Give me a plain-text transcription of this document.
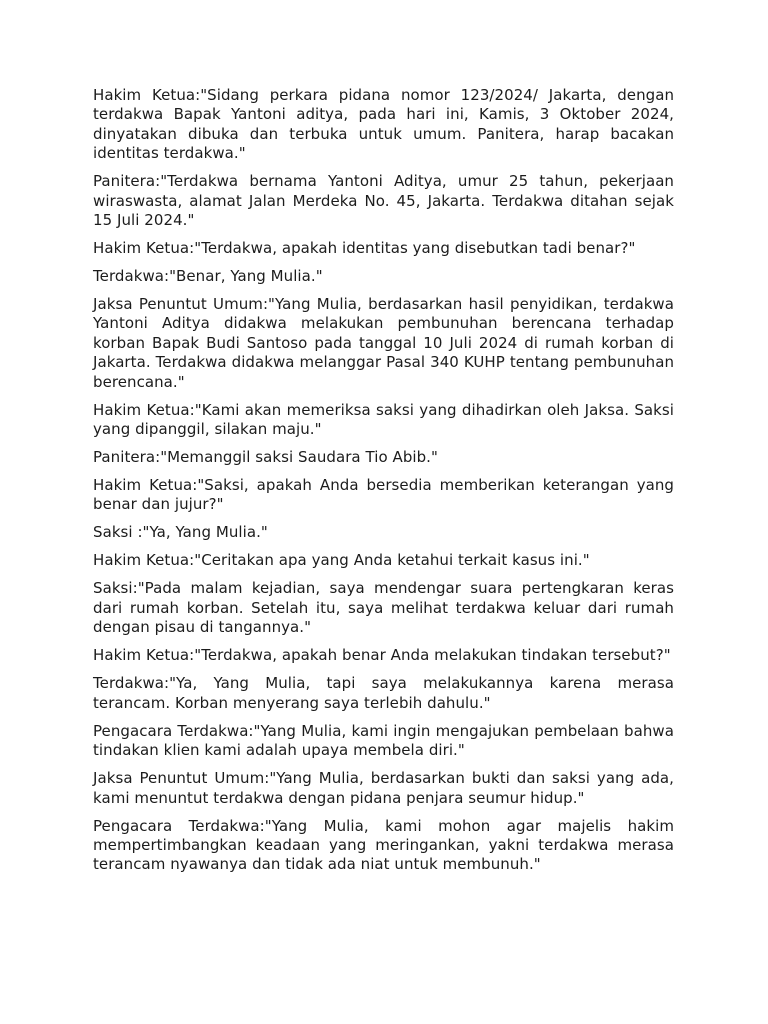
Hakim Ketua:"Sidang perkara pidana nomor 123/2024/ Jakarta, dengan terdakwa Bapak Yantoni aditya, pada hari ini, Kamis, 3 Oktober 2024, dinyatakan dibuka dan terbuka untuk umum. Panitera, harap bacakan identitas terdakwa."

Panitera:"Terdakwa bernama Yantoni Aditya, umur 25 tahun, pekerjaan wiraswasta, alamat Jalan Merdeka No. 45, Jakarta. Terdakwa ditahan sejak 15 Juli 2024."

Hakim Ketua:"Terdakwa, apakah identitas yang disebutkan tadi benar?"

Terdakwa:"Benar, Yang Mulia."

Jaksa Penuntut Umum:"Yang Mulia, berdasarkan hasil penyidikan, terdakwa Yantoni Aditya didakwa melakukan pembunuhan berencana terhadap korban Bapak Budi Santoso pada tanggal 10 Juli 2024 di rumah korban di Jakarta. Terdakwa didakwa melanggar Pasal 340 KUHP tentang pembunuhan berencana."

Hakim Ketua:"Kami akan memeriksa saksi yang dihadirkan oleh Jaksa. Saksi yang dipanggil, silakan maju."

Panitera:"Memanggil saksi Saudara Tio Abib."

Hakim Ketua:"Saksi, apakah Anda bersedia memberikan keterangan yang benar dan jujur?"

Saksi :"Ya, Yang Mulia."

Hakim Ketua:"Ceritakan apa yang Anda ketahui terkait kasus ini."

Saksi:"Pada malam kejadian, saya mendengar suara pertengkaran keras dari rumah korban. Setelah itu, saya melihat terdakwa keluar dari rumah dengan pisau di tangannya."

Hakim Ketua:"Terdakwa, apakah benar Anda melakukan tindakan tersebut?"

Terdakwa:"Ya, Yang Mulia, tapi saya melakukannya karena merasa terancam. Korban menyerang saya terlebih dahulu."

Pengacara Terdakwa:"Yang Mulia, kami ingin mengajukan pembelaan bahwa tindakan klien kami adalah upaya membela diri."

Jaksa Penuntut Umum:"Yang Mulia, berdasarkan bukti dan saksi yang ada, kami menuntut terdakwa dengan pidana penjara seumur hidup."

Pengacara Terdakwa:"Yang Mulia, kami mohon agar majelis hakim mempertimbangkan keadaan yang meringankan, yakni terdakwa merasa terancam nyawanya dan tidak ada niat untuk membunuh."
